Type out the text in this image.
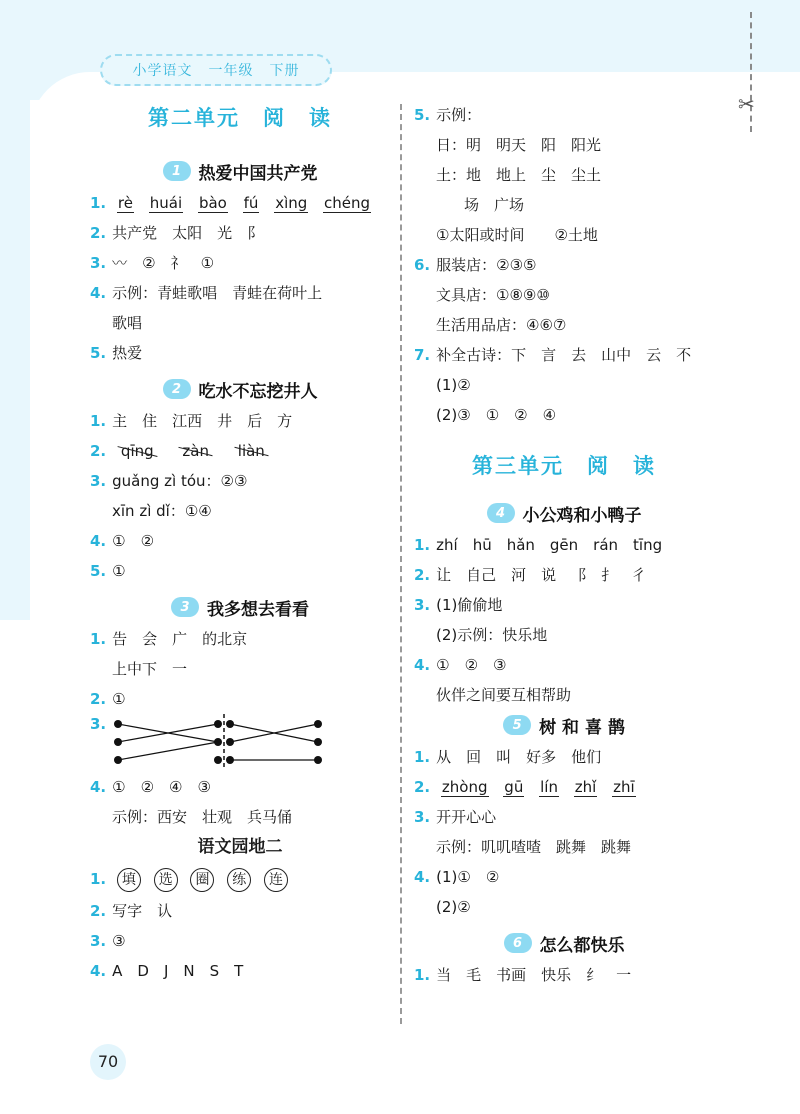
小学语文 一年级 下册
✂
第二单元　阅　读
1	热爱中国共产党
1. rè huái bào fú xìng chéng
2. 共产党　太阳　光　阝
3. 〰　②　礻　①
4. 示例：青蛙歌唱　青蛙在荷叶上
歌唱
5. 热爱
2	吃水不忘挖井人
1. 主　住　江西　井　后　方
2. qīng zàn liàn
3. guǎng zì tóu：②③
xīn zì dǐ：①④
4. ①　②
5. ①
3	我多想去看看
1. 告　会　广　的北京
上中下　一
2. ①
3.
4. ①　②　④　③
示例：西安　壮观　兵马俑
语文园地二
1. 填 选 圈 练 连
2. 写字　认
3. ③
4. A　D　J　N　S　T
5. 示例：
日：明　明天　阳　阳光
土：地　地上　尘　尘土
场　广场
①太阳或时间　　②土地
6. 服装店：②③⑤
文具店：①⑧⑨⑩
生活用品店：④⑥⑦
7. 补全古诗：下　言　去　山中　云　不
(1)②
(2)③　①　②　④
第三单元　阅　读
4	小公鸡和小鸭子
1. zhí　hū　hǎn　gēn　rán　tīng
2. 让　自己　河　说　⻏　扌　彳
3. (1)偷偷地
(2)示例：快乐地
4. ①　②　③
伙伴之间要互相帮助
5	树 和 喜 鹊
1. 从　回　叫　好多　他们
2. zhòng gū lín zhǐ zhī
3. 开开心心
示例：叽叽喳喳　跳舞　跳舞
4. (1)①　②
(2)②
6	怎么都快乐
1. 当　毛　书画　快乐　纟　一
70
